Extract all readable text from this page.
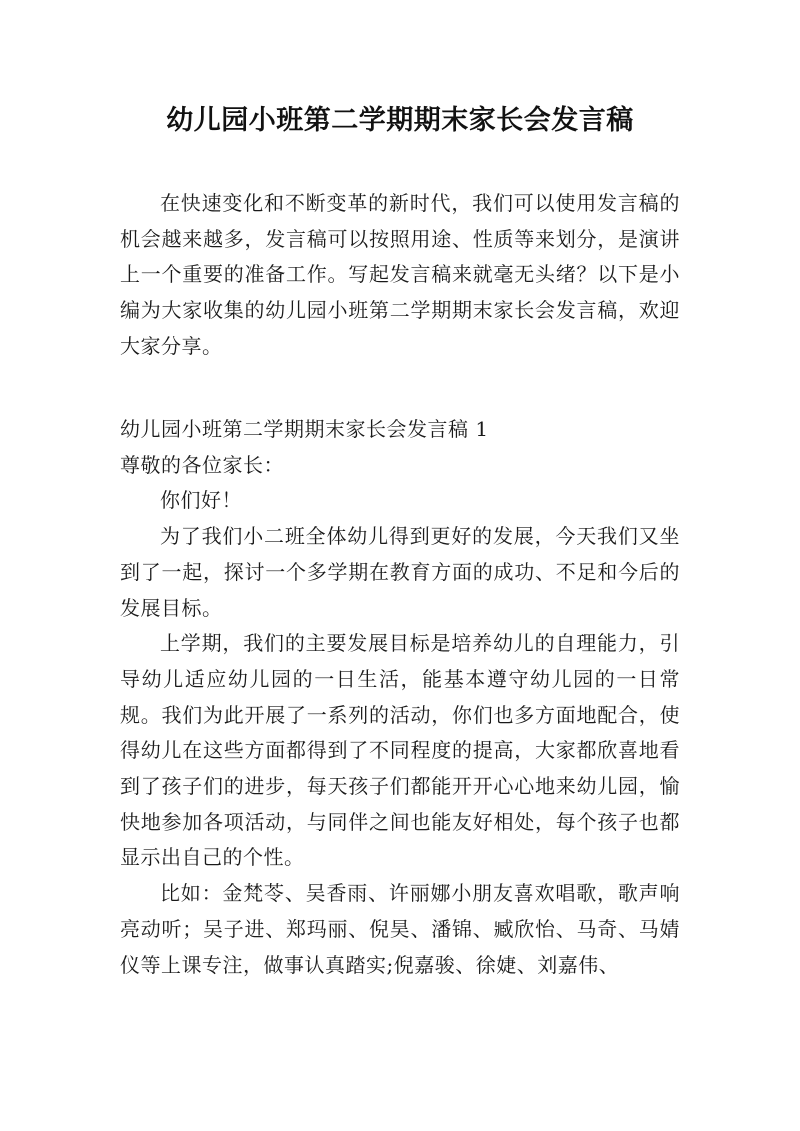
幼儿园小班第二学期期末家长会发言稿

在快速变化和不断变革的新时代，我们可以使用发言稿的机会越来越多，发言稿可以按照用途、性质等来划分，是演讲上一个重要的准备工作。写起发言稿来就毫无头绪？以下是小编为大家收集的幼儿园小班第二学期期末家长会发言稿，欢迎大家分享。

幼儿园小班第二学期期末家长会发言稿 1

尊敬的各位家长：

你们好！

为了我们小二班全体幼儿得到更好的发展，今天我们又坐到了一起，探讨一个多学期在教育方面的成功、不足和今后的发展目标。

上学期，我们的主要发展目标是培养幼儿的自理能力，引导幼儿适应幼儿园的一日生活，能基本遵守幼儿园的一日常规。我们为此开展了一系列的活动，你们也多方面地配合，使得幼儿在这些方面都得到了不同程度的提高，大家都欣喜地看到了孩子们的进步，每天孩子们都能开开心心地来幼儿园，愉快地参加各项活动，与同伴之间也能友好相处，每个孩子也都显示出自己的个性。

比如：金梵苓、吴香雨、许丽娜小朋友喜欢唱歌，歌声响亮动听；吴子进、郑玛丽、倪昊、潘锦、臧欣怡、马奇、马婧仪等上课专注，做事认真踏实;倪嘉骏、徐婕、刘嘉伟、
